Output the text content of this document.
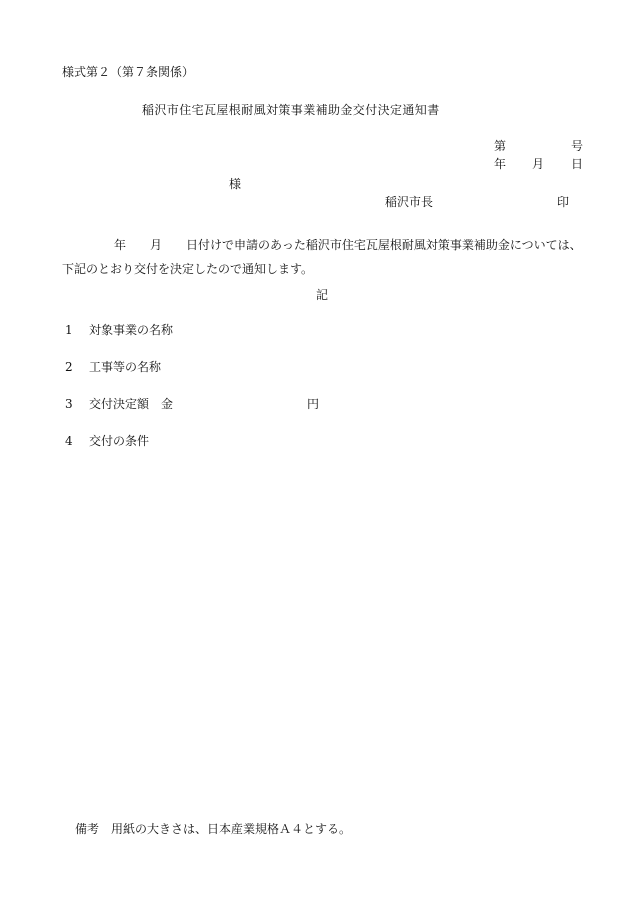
様式第２（第７条関係）
稲沢市住宅瓦屋根耐風対策事業補助金交付決定通知書
第	号
年 月 日
様
稲沢市長	印
年 月 日付けで申請のあった稲沢市住宅瓦屋根耐風対策事業補助金については、下記のとおり交付を決定したので通知します。
記
1 対象事業の名称
2 工事等の名称
3 交付決定額　金	円
4 交付の条件
備考 用紙の大きさは、日本産業規格Ａ４とする。
